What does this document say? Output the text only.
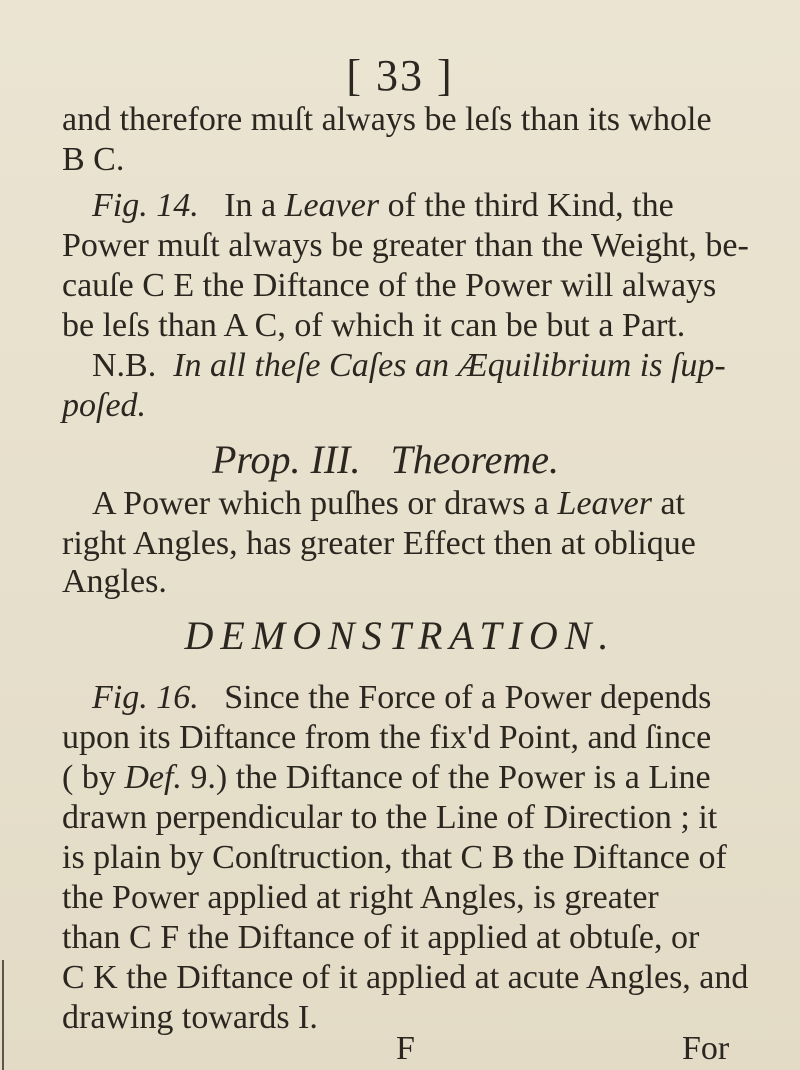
[ 33 ]
and therefore muſt always be leſs than its whole
B C.
Fig. 14. In a Leaver of the third Kind, the
Power muſt always be greater than the Weight, be-
cauſe C E the Diftance of the Power will always
be leſs than A C, of which it can be but a Part.
N.B. In all theſe Caſes an Æquilibrium is ſup-
poſed.
Prop. III. Theoreme.
A Power which puſhes or draws a Leaver at
right Angles, has greater Effect then at oblique
Angles.
DEMONSTRATION.
Fig. 16. Since the Force of a Power depends
upon its Diftance from the fix'd Point, and ſince
( by Def. 9.) the Diftance of the Power is a Line
drawn perpendicular to the Line of Direction ; it
is plain by Conſtruction, that C B the Diftance of
the Power applied at right Angles, is greater
than C F the Diftance of it applied at obtuſe, or
C K the Diftance of it applied at acute Angles, and
drawing towards I.
F	For
